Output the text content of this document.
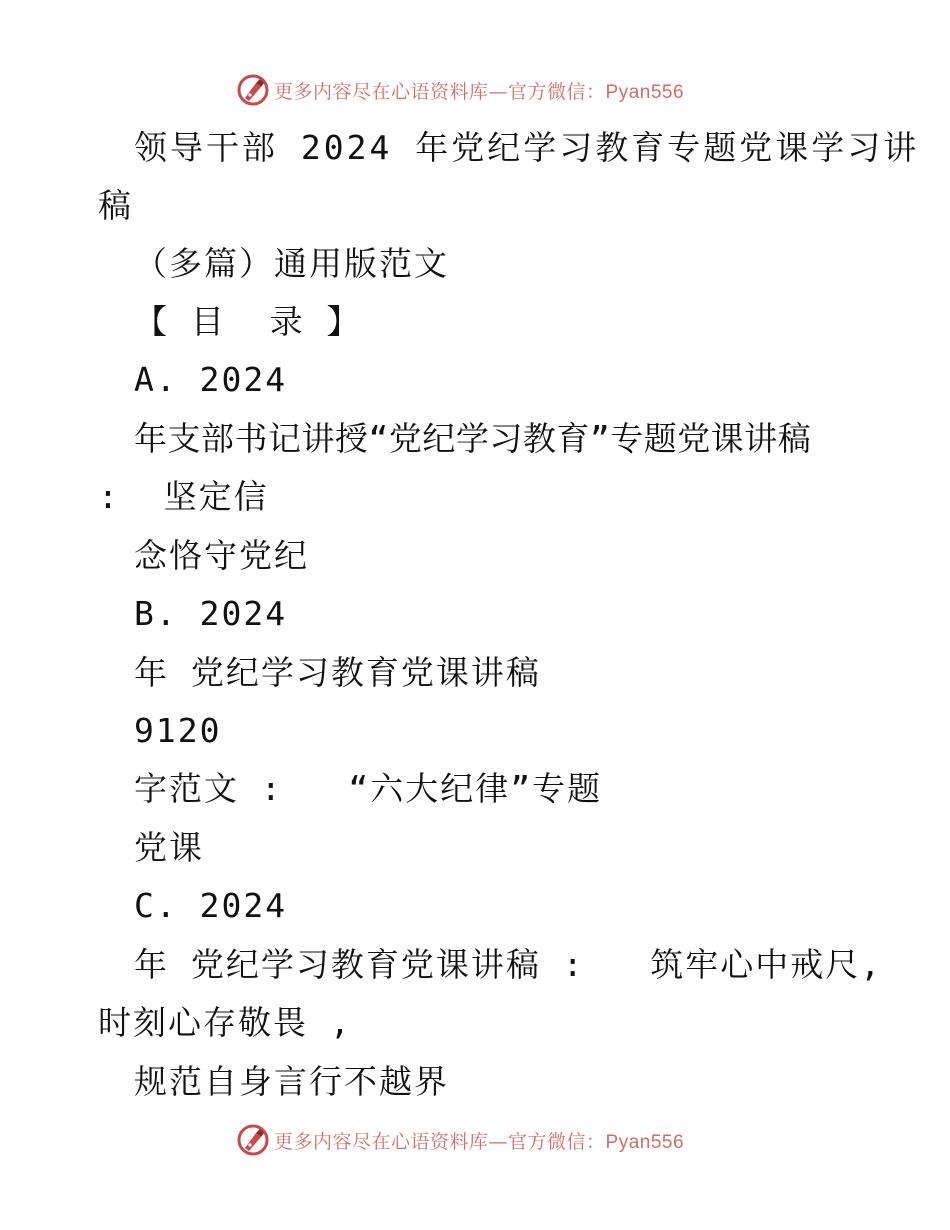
更多内容尽在心语资料库—官方微信：Pyan556
领导干部 2024 年党纪学习教育专题党课学习讲
稿
（多篇）通用版范文
【 目  录 】
A. 2024
年支部书记讲授“党纪学习教育”专题党课讲稿
:  坚定信
念恪守党纪
B. 2024
年 党纪学习教育党课讲稿
9120
字范文 :   “六大纪律”专题
党课
C. 2024
年 党纪学习教育党课讲稿 :   筑牢心中戒尺,
时刻心存敬畏 ,
规范自身言行不越界
更多内容尽在心语资料库—官方微信：Pyan556
